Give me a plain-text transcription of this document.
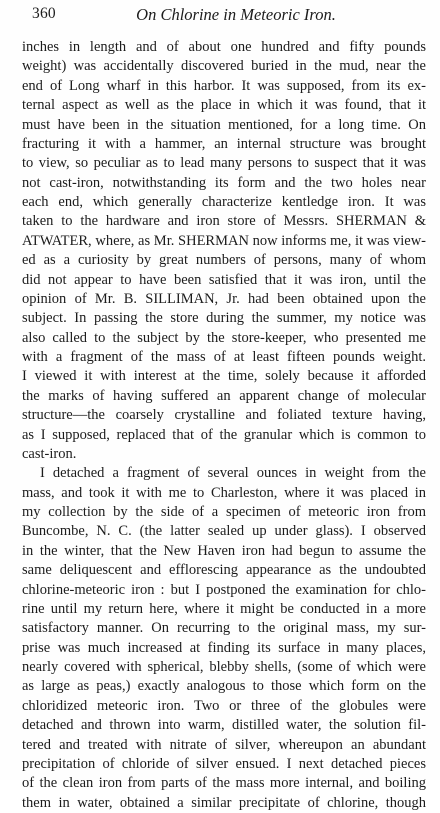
360	On Chlorine in Meteoric Iron.
inches in length and of about one hundred and fifty pounds
weight) was accidentally discovered buried in the mud, near the
end of Long wharf in this harbor. It was supposed, from its ex-
ternal aspect as well as the place in which it was found, that it
must have been in the situation mentioned, for a long time. On
fracturing it with a hammer, an internal structure was brought
to view, so peculiar as to lead many persons to suspect that it was
not cast-iron, notwithstanding its form and the two holes near
each end, which generally characterize kentledge iron. It was
taken to the hardware and iron store of Messrs. SHERMAN &
ATWATER, where, as Mr. SHERMAN now informs me, it was view-
ed as a curiosity by great numbers of persons, many of whom
did not appear to have been satisfied that it was iron, until the
opinion of Mr. B. SILLIMAN, Jr. had been obtained upon the
subject. In passing the store during the summer, my notice was
also called to the subject by the store-keeper, who presented me
with a fragment of the mass of at least fifteen pounds weight.
I viewed it with interest at the time, solely because it afforded
the marks of having suffered an apparent change of molecular
structure—the coarsely crystalline and foliated texture having,
as I supposed, replaced that of the granular which is common to
cast-iron.
I detached a fragment of several ounces in weight from the
mass, and took it with me to Charleston, where it was placed in
my collection by the side of a specimen of meteoric iron from
Buncombe, N. C. (the latter sealed up under glass). I observed
in the winter, that the New Haven iron had begun to assume the
same deliquescent and efflorescing appearance as the undoubted
chlorine-meteoric iron : but I postponed the examination for chlo-
rine until my return here, where it might be conducted in a more
satisfactory manner. On recurring to the original mass, my sur-
prise was much increased at finding its surface in many places,
nearly covered with spherical, blebby shells, (some of which were
as large as peas,) exactly analogous to those which form on the
chloridized meteoric iron. Two or three of the globules were
detached and thrown into warm, distilled water, the solution fil-
tered and treated with nitrate of silver, whereupon an abundant
precipitation of chloride of silver ensued. I next detached pieces
of the clean iron from parts of the mass more internal, and boiling
them in water, obtained a similar precipitate of chlorine, though
